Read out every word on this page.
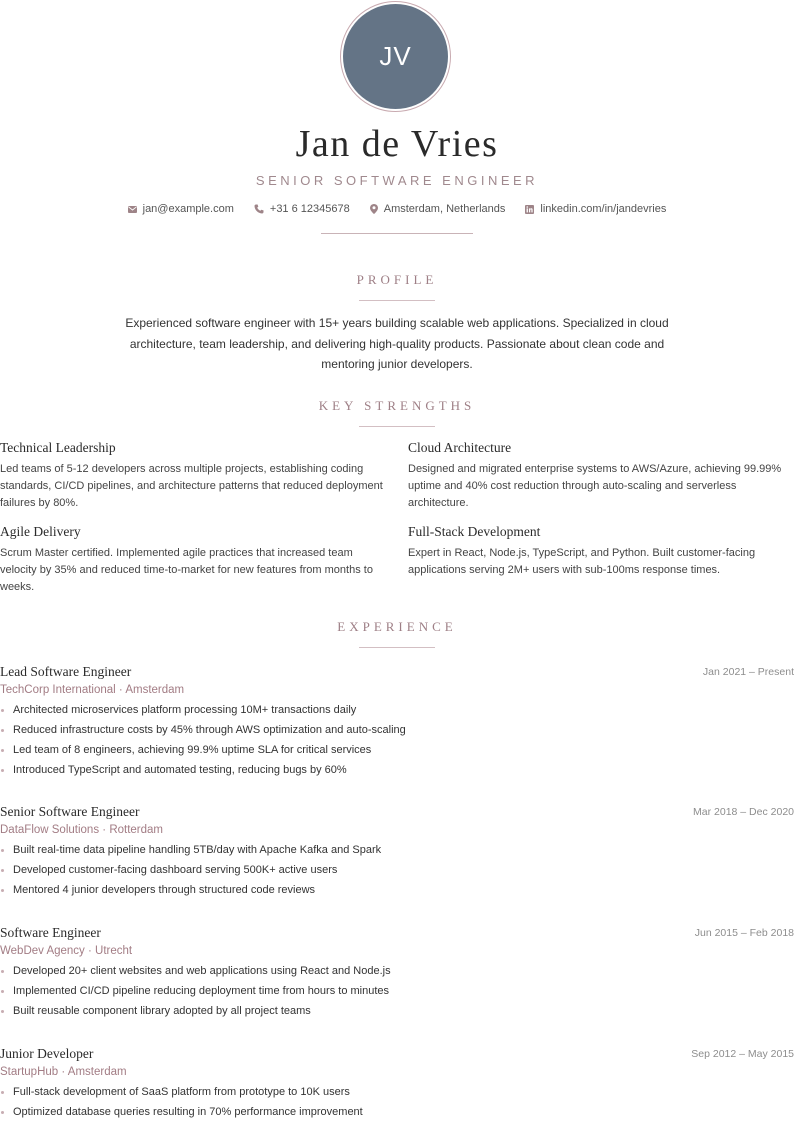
JV
Jan de Vries
SENIOR SOFTWARE ENGINEER
jan@example.com	+31 6 12345678	Amsterdam, Netherlands	linkedin.com/in/jandevries
PROFILE

Experienced software engineer with 15+ years building scalable web applications. Specialized in cloud architecture, team leadership, and delivering high-quality products. Passionate about clean code and mentoring junior developers.

KEY STRENGTHS
Technical Leadership

Led teams of 5-12 developers across multiple projects, establishing coding standards, CI/CD pipelines, and architecture patterns that reduced deployment failures by 80%.

Cloud Architecture

Designed and migrated enterprise systems to AWS/Azure, achieving 99.99% uptime and 40% cost reduction through auto-scaling and serverless architecture.

Agile Delivery

Scrum Master certified. Implemented agile practices that increased team velocity by 35% and reduced time-to-market for new features from months to weeks.

Full-Stack Development

Expert in React, Node.js, TypeScript, and Python. Built customer-facing applications serving 2M+ users with sub-100ms response times.

EXPERIENCE
Lead Software Engineer	Jan 2021 – Present
TechCorp International · Amsterdam
Architected microservices platform processing 10M+ transactions daily
Reduced infrastructure costs by 45% through AWS optimization and auto-scaling
Led team of 8 engineers, achieving 99.9% uptime SLA for critical services
Introduced TypeScript and automated testing, reducing bugs by 60%
Senior Software Engineer	Mar 2018 – Dec 2020
DataFlow Solutions · Rotterdam
Built real-time data pipeline handling 5TB/day with Apache Kafka and Spark
Developed customer-facing dashboard serving 500K+ active users
Mentored 4 junior developers through structured code reviews
Software Engineer	Jun 2015 – Feb 2018
WebDev Agency · Utrecht
Developed 20+ client websites and web applications using React and Node.js
Implemented CI/CD pipeline reducing deployment time from hours to minutes
Built reusable component library adopted by all project teams
Junior Developer	Sep 2012 – May 2015
StartupHub · Amsterdam
Full-stack development of SaaS platform from prototype to 10K users
Optimized database queries resulting in 70% performance improvement
